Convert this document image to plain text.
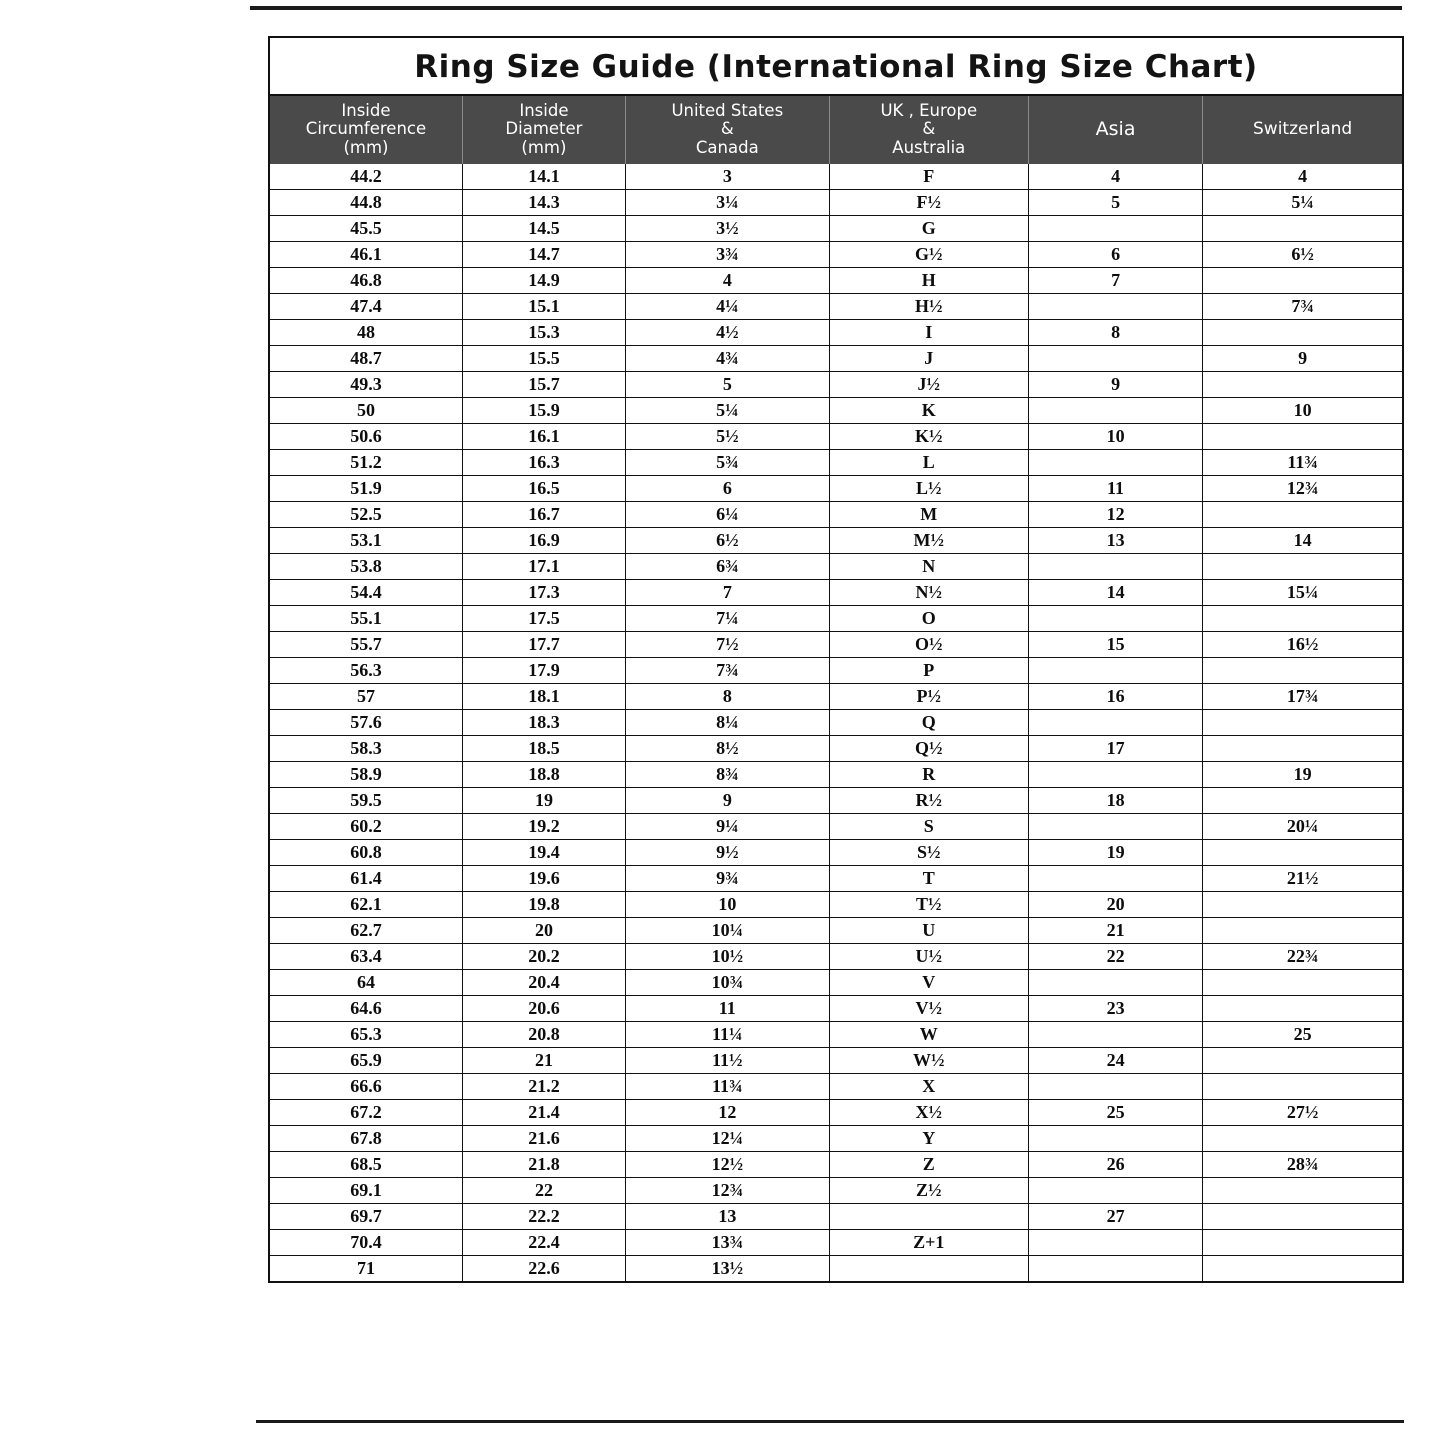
Ring Size Guide (International Ring Size Chart)
Inside
Circumference
(mm)

Inside
Diameter
(mm)

United States
&
Canada

UK , Europe
&
Australia

Asia	Switzerland

44.2	14.1	3	F	4	4
44.8	14.3	3¼	F½	5	5¼
45.5	14.5	3½	G		
46.1	14.7	3¾	G½	6	6½
46.8	14.9	4	H	7	
47.4	15.1	4¼	H½		7¾
48	15.3	4½	I	8	
48.7	15.5	4¾	J		9
49.3	15.7	5	J½	9	
50	15.9	5¼	K		10
50.6	16.1	5½	K½	10	
51.2	16.3	5¾	L		11¾
51.9	16.5	6	L½	11	12¾
52.5	16.7	6¼	M	12	
53.1	16.9	6½	M½	13	14
53.8	17.1	6¾	N		
54.4	17.3	7	N½	14	15¼
55.1	17.5	7¼	O		
55.7	17.7	7½	O½	15	16½
56.3	17.9	7¾	P		
57	18.1	8	P½	16	17¾
57.6	18.3	8¼	Q		
58.3	18.5	8½	Q½	17	
58.9	18.8	8¾	R		19
59.5	19	9	R½	18	
60.2	19.2	9¼	S		20¼
60.8	19.4	9½	S½	19	
61.4	19.6	9¾	T		21½
62.1	19.8	10	T½	20	
62.7	20	10¼	U	21	
63.4	20.2	10½	U½	22	22¾
64	20.4	10¾	V		
64.6	20.6	11	V½	23	
65.3	20.8	11¼	W		25
65.9	21	11½	W½	24	
66.6	21.2	11¾	X		
67.2	21.4	12	X½	25	27½
67.8	21.6	12¼	Y		
68.5	21.8	12½	Z	26	28¾
69.1	22	12¾	Z½		
69.7	22.2	13		27	
70.4	22.4	13¾	Z+1		
71	22.6	13½			
